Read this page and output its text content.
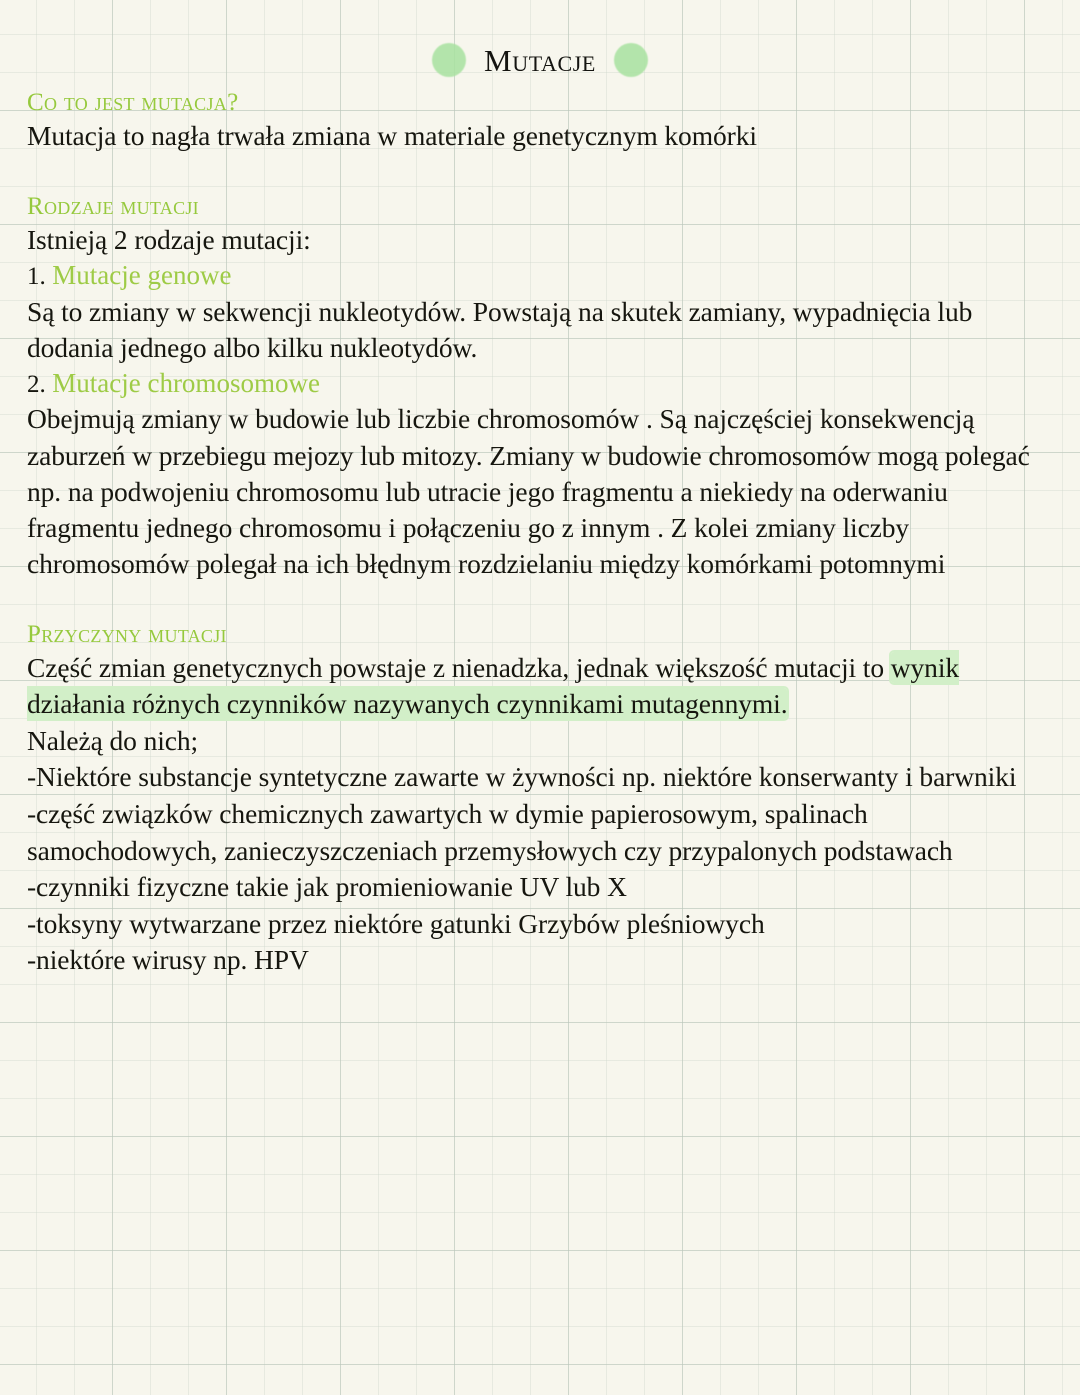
Mutacje
Co to jest mutacja?
Mutacja to nagła trwała zmiana w materiale genetycznym komórki
Rodzaje mutacji
Istnieją 2 rodzaje mutacji:
1. Mutacje genowe
Są to zmiany w sekwencji nukleotydów. Powstają na skutek zamiany, wypadnięcia lub dodania jednego albo kilku nukleotydów.
2. Mutacje chromosomowe
Obejmują zmiany w budowie lub liczbie chromosomów . Są najczęściej konsekwencją zaburzeń w przebiegu mejozy lub mitozy. Zmiany w budowie chromosomów mogą polegać np. na podwojeniu chromosomu lub utracie jego fragmentu a niekiedy na oderwaniu fragmentu jednego chromosomu i połączeniu go z innym . Z kolei zmiany liczby chromosomów polegał na ich błędnym rozdzielaniu między komórkami potomnymi
Przyczyny mutacji
Część zmian genetycznych powstaje z nienadzka, jednak większość mutacji to wynik działania różnych czynników nazywanych czynnikami mutagennymi.
Należą do nich;
-Niektóre substancje syntetyczne zawarte w żywności np. niektóre konserwanty i barwniki
-część związków chemicznych zawartych w dymie papierosowym, spalinach samochodowych, zanieczyszczeniach przemysłowych czy przypalonych podstawach
-czynniki fizyczne takie jak promieniowanie UV lub X
-toksyny wytwarzane przez niektóre gatunki Grzybów pleśniowych
-niektóre wirusy np. HPV
